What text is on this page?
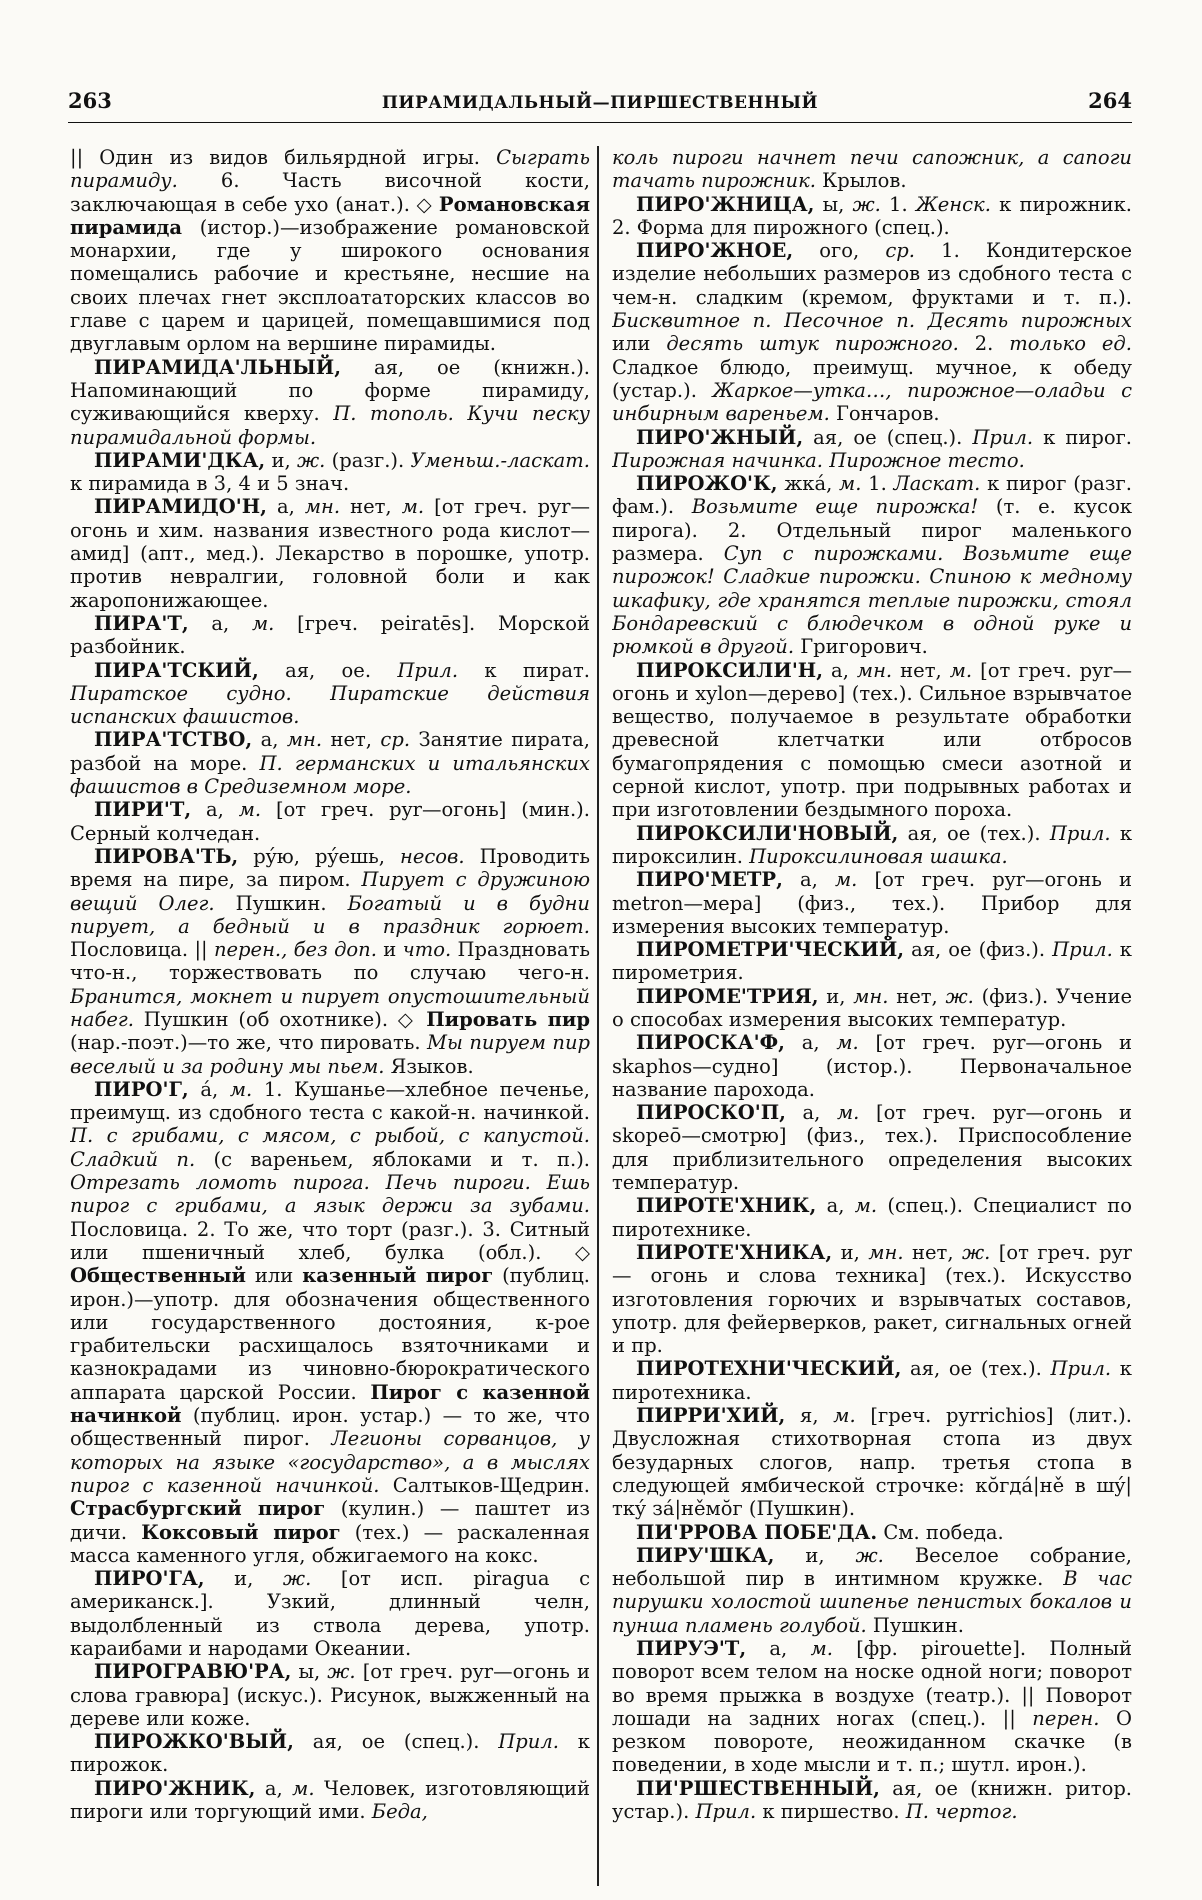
263	ПИРАМИДАЛЬНЫЙ—ПИРШЕСТВЕННЫЙ	264

|| Один из видов бильярдной игры. Сыграть пирамиду. 6. Часть височной кости, заключающая в себе ухо (анат.). ◇ Романовская пирамида (истор.)—изображение романовской монархии, где у широкого основания помещались рабочие и крестьяне, несшие на своих плечах гнет эксплоататорских классов во главе с царем и царицей, помещавшимися под двуглавым орлом на вершине пирамиды.

ПИРАМИДА'ЛЬНЫЙ, ая, ое (книжн.). Напоминающий по форме пирамиду, суживающийся кверху. П. тополь. Кучи песку пирамидальной формы.

ПИРАМИ'ДКА, и, ж. (разг.). Уменьш.-ласкат. к пирамида в 3, 4 и 5 знач.

ПИРАМИДО'Н, а, мн. нет, м. [от греч. pyr—огонь и хим. названия известного рода кислот—амид] (апт., мед.). Лекарство в порошке, употр. против невралгии, головной боли и как жаропонижающее.

ПИРА'Т, а, м. [греч. peiratēs]. Морской разбойник.

ПИРА'ТСКИЙ, ая, ое. Прил. к пират. Пиратское судно. Пиратские действия испанских фашистов.

ПИРА'ТСТВО, а, мн. нет, ср. Занятие пирата, разбой на море. П. германских и итальянских фашистов в Средиземном море.

ПИРИ'Т, а, м. [от греч. pyr—огонь] (мин.). Серный колчедан.

ПИРОВА'ТЬ, рýю, рýешь, несов. Проводить время на пире, за пиром. Пирует с дружиною вещий Олег. Пушкин. Богатый и в будни пирует, а бедный и в праздник горюет. Пословица. || перен., без доп. и что. Праздновать что-н., торжествовать по случаю чего-н. Бранится, мокнет и пирует опустошительный набег. Пушкин (об охотнике). ◇ Пировать пир (нар.-поэт.)—то же, что пировать. Мы пируем пир веселый и за родину мы пьем. Языков.

ПИРО'Г, á, м. 1. Кушанье—хлебное печенье, преимущ. из сдобного теста с какой-н. начинкой. П. с грибами, с мясом, с рыбой, с капустой. Сладкий п. (с вареньем, яблоками и т. п.). Отрезать ломоть пирога. Печь пироги. Ешь пирог с грибами, а язык держи за зубами. Пословица. 2. То же, что торт (разг.). 3. Ситный или пшеничный хлеб, булка (обл.). ◇ Общественный или казенный пирог (публиц. ирон.)—употр. для обозначения общественного или государственного достояния, к-рое грабительски расхищалось взяточниками и казнокрадами из чиновно-бюрократического аппарата царской России. Пирог с казенной начинкой (публиц. ирон. устар.) — то же, что общественный пирог. Легионы сорванцов, у которых на языке «государство», а в мыслях пирог с казенной начинкой. Салтыков-Щедрин. Страсбургский пирог (кулин.) — паштет из дичи. Коксовый пирог (тех.) — раскаленная масса каменного угля, обжигаемого на кокс.

ПИРО'ГА, и, ж. [от исп. piragua с американск.]. Узкий, длинный челн, выдолбленный из ствола дерева, употр. караибами и народами Океании.

ПИРОГРАВЮ'РА, ы, ж. [от греч. pyr—огонь и слова гравюра] (искус.). Рисунок, выжженный на дереве или коже.

ПИРОЖКО'ВЫЙ, ая, ое (спец.). Прил. к пирожок.

ПИРО'ЖНИК, а, м. Человек, изготовляющий пироги или торгующий ими. Беда,

коль пироги начнет печи сапожник, а сапоги тачать пирожник. Крылов.

ПИРО'ЖНИЦА, ы, ж. 1. Женск. к пирожник. 2. Форма для пирожного (спец.).

ПИРО'ЖНОЕ, ого, ср. 1. Кондитерское изделие небольших размеров из сдобного теста с чем-н. сладким (кремом, фруктами и т. п.). Бисквитное п. Песочное п. Десять пирожных или десять штук пирожного. 2. только ед. Сладкое блюдо, преимущ. мучное, к обеду (устар.). Жаркое—утка…, пирожное—оладьи с инбирным вареньем. Гончаров.

ПИРО'ЖНЫЙ, ая, ое (спец.). Прил. к пирог. Пирожная начинка. Пирожное тесто.

ПИРОЖО'К, жкá, м. 1. Ласкат. к пирог (разг. фам.). Возьмите еще пирожка! (т. е. кусок пирога). 2. Отдельный пирог маленького размера. Суп с пирожками. Возьмите еще пирожок! Сладкие пирожки. Спиною к медному шкафику, где хранятся теплые пирожки, стоял Бондаревский с блюдечком в одной руке и рюмкой в другой. Григорович.

ПИРОКСИЛИ'Н, а, мн. нет, м. [от греч. pyr—огонь и xylon—дерево] (тех.). Сильное взрывчатое вещество, получаемое в результате обработки древесной клетчатки или отбросов бумагопрядения с помощью смеси азотной и серной кислот, употр. при подрывных работах и при изготовлении бездымного пороха.

ПИРОКСИЛИ'НОВЫЙ, ая, ое (тех.). Прил. к пироксилин. Пироксилиновая шашка.

ПИРО'МЕТР, а, м. [от греч. pyr—огонь и metron—мера] (физ., тех.). Прибор для измерения высоких температур.

ПИРОМЕТРИ'ЧЕСКИЙ, ая, ое (физ.). Прил. к пирометрия.

ПИРОМЕ'ТРИЯ, и, мн. нет, ж. (физ.). Учение о способах измерения высоких температур.

ПИРОСКА'Ф, а, м. [от греч. pyr—огонь и skaphos—судно] (истор.). Первоначальное название парохода.

ПИРОСКО'П, а, м. [от греч. pyr—огонь и skopeō—смотрю] (физ., тех.). Приспособление для приблизительного определения высоких температур.

ПИРОТЕ'ХНИК, а, м. (спец.). Специалист по пиротехнике.

ПИРОТЕ'ХНИКА, и, мн. нет, ж. [от греч. pyr — огонь и слова техника] (тех.). Искусство изготовления горючих и взрывчатых составов, употр. для фейерверков, ракет, сигнальных огней и пр.

ПИРОТЕХНИ'ЧЕСКИЙ, ая, ое (тех.). Прил. к пиротехника.

ПИРРИ'ХИЙ, я, м. [греч. pyrrichios] (лит.). Двусложная стихотворная стопа из двух безударных слогов, напр. третья стопа в следующей ямбической строчке: кŏгдá|нě в шý|ткý зá|нěмŏг (Пушкин).

ПИ'РРОВА ПОБЕ'ДА. См. победа.

ПИРУ'ШКА, и, ж. Веселое собрание, небольшой пир в интимном кружке. В час пирушки холостой шипенье пенистых бокалов и пунша пламень голубой. Пушкин.

ПИРУЭ'Т, а, м. [фр. pirouette]. Полный поворот всем телом на носке одной ноги; поворот во время прыжка в воздухе (театр.). || Поворот лошади на задних ногах (спец.). || перен. О резком повороте, неожиданном скачке (в поведении, в ходе мысли и т. п.; шутл. ирон.).

ПИ'РШЕСТВЕННЫЙ, ая, ое (книжн. ритор. устар.). Прил. к пиршество. П. чертог.
